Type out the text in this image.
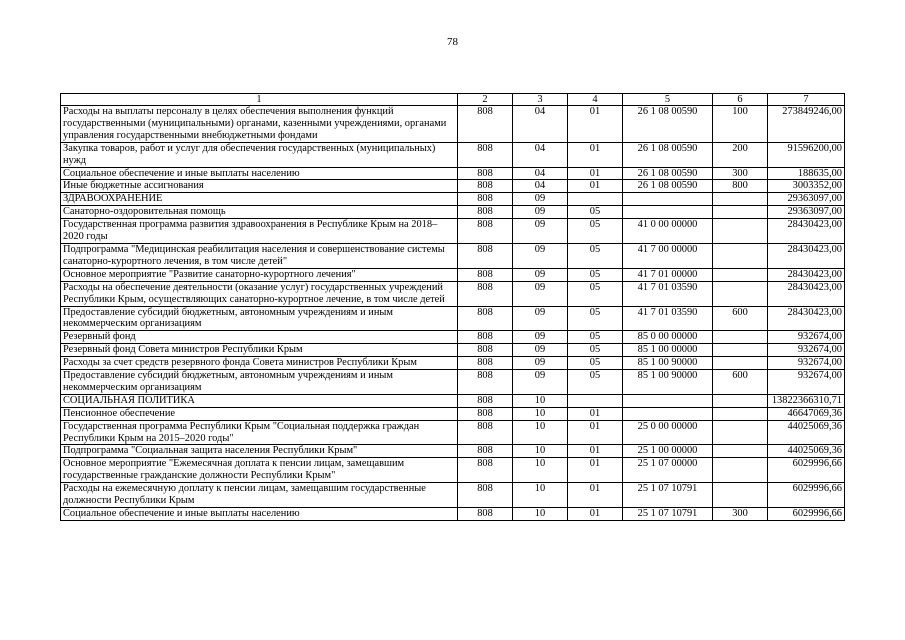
78
1	2	3	4	5	6	7
Расходы на выплаты персоналу в целях обеспечения выполнения функций государственными (муниципальными) органами, казенными учреждениями, органами управления государственными внебюджетными фондами	808	04	01	26 1 08 00590	100	273849246,00
Закупка товаров, работ и услуг для обеспечения государственных (муниципальных) нужд	808	04	01	26 1 08 00590	200	91596200,00
Социальное обеспечение и иные выплаты населению	808	04	01	26 1 08 00590	300	188635,00
Иные бюджетные ассигнования	808	04	01	26 1 08 00590	800	3003352,00
ЗДРАВООХРАНЕНИЕ	808	09				29363097,00
Санаторно-оздоровительная помощь	808	09	05			29363097,00
Государственная программа развития здравоохранения в Республике Крым на 2018–2020 годы	808	09	05	41 0 00 00000		28430423,00
Подпрограмма "Медицинская реабилитация населения и совершенствование системы санаторно-курортного лечения, в том числе детей"	808	09	05	41 7 00 00000		28430423,00
Основное мероприятие "Развитие санаторно-курортного лечения"	808	09	05	41 7 01 00000		28430423,00
Расходы на обеспечение деятельности (оказание услуг) государственных учреждений Республики Крым, осуществляющих санаторно-курортное лечение, в том числе детей	808	09	05	41 7 01 03590		28430423,00
Предоставление субсидий бюджетным, автономным учреждениям и иным некоммерческим организациям	808	09	05	41 7 01 03590	600	28430423,00
Резервный фонд	808	09	05	85 0 00 00000		932674,00
Резервный фонд Совета министров Республики Крым	808	09	05	85 1 00 00000		932674,00
Расходы за счет средств резервного фонда Совета министров Республики Крым	808	09	05	85 1 00 90000		932674,00
Предоставление субсидий бюджетным, автономным учреждениям и иным некоммерческим организациям	808	09	05	85 1 00 90000	600	932674,00
СОЦИАЛЬНАЯ ПОЛИТИКА	808	10				13822366310,71
Пенсионное обеспечение	808	10	01			46647069,36
Государственная программа Республики Крым "Социальная поддержка граждан Республики Крым на 2015–2020 годы"	808	10	01	25 0 00 00000		44025069,36
Подпрограмма "Социальная защита населения Республики Крым"	808	10	01	25 1 00 00000		44025069,36
Основное мероприятие "Ежемесячная доплата к пенсии лицам, замещавшим государственные гражданские должности Республики Крым"	808	10	01	25 1 07 00000		6029996,66
Расходы на ежемесячную доплату к пенсии лицам, замещавшим государственные должности Республики Крым	808	10	01	25 1 07 10791		6029996,66
Социальное обеспечение и иные выплаты населению	808	10	01	25 1 07 10791	300	6029996,66
